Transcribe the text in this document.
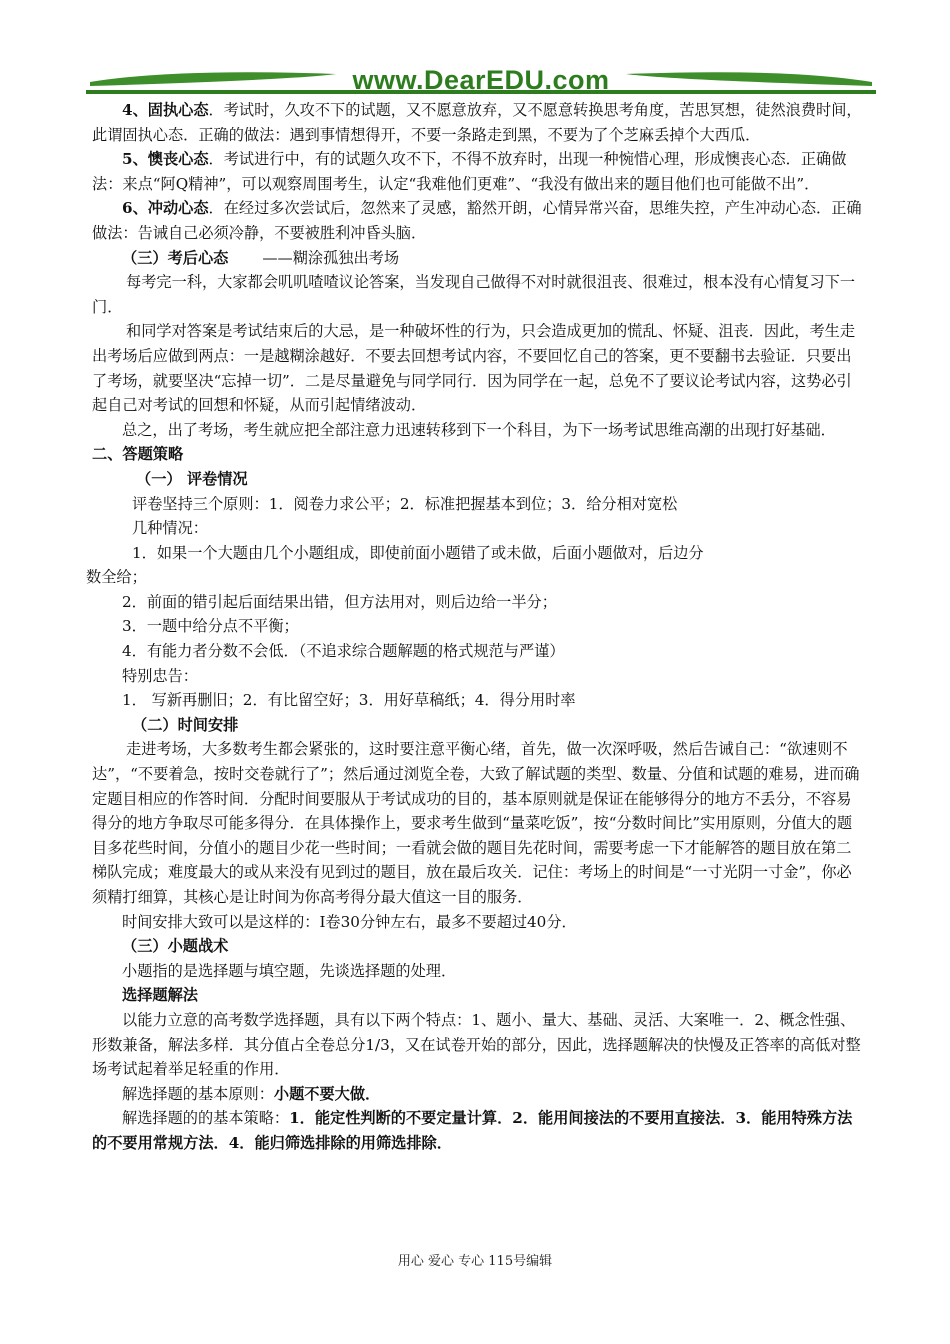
www.DearEDU.com

4、固执心态．考试时，久攻不下的试题，又不愿意放弃，又不愿意转换思考角度，苦思冥想，徒然浪费时间，此谓固执心态．正确的做法：遇到事情想得开，不要一条路走到黑，不要为了个芝麻丢掉个大西瓜．

5、懊丧心态．考试进行中，有的试题久攻不下，不得不放弃时，出现一种惋惜心理，形成懊丧心态．正确做法：来点“阿Q精神”，可以观察周围考生，认定“我难他们更难”、“我没有做出来的题目他们也可能做不出”．

6、冲动心态．在经过多次尝试后，忽然来了灵感，豁然开朗，心情异常兴奋，思维失控，产生冲动心态．正确做法：告诫自己必须冷静，不要被胜利冲昏头脑．

（三）考后心态 ——糊涂孤独出考场

每考完一科，大家都会叽叽喳喳议论答案，当发现自己做得不对时就很沮丧、很难过，根本没有心情复习下一门．

和同学对答案是考试结束后的大忌，是一种破坏性的行为，只会造成更加的慌乱、怀疑、沮丧．因此，考生走出考场后应做到两点：一是越糊涂越好．不要去回想考试内容，不要回忆自己的答案，更不要翻书去验证．只要出了考场，就要坚决“忘掉一切”．二是尽量避免与同学同行．因为同学在一起，总免不了要议论考试内容，这势必引起自己对考试的回想和怀疑，从而引起情绪波动．

总之，出了考场，考生就应把全部注意力迅速转移到下一个科目，为下一场考试思维高潮的出现打好基础．

二、答题策略

（一） 评卷情况

评卷坚持三个原则：1．阅卷力求公平；2．标准把握基本到位；3．给分相对宽松

几种情况：

1．如果一个大题由几个小题组成，即使前面小题错了或未做，后面小题做对，后边分

数全给；

2．前面的错引起后面结果出错，但方法用对，则后边给一半分；

3．一题中给分点不平衡；

4．有能力者分数不会低．（不追求综合题解题的格式规范与严谨）

特别忠告：

1． 写新再删旧；2．有比留空好；3．用好草稿纸；4．得分用时率

（二）时间安排

走进考场，大多数考生都会紧张的，这时要注意平衡心绪，首先，做一次深呼吸，然后告诫自己：“欲速则不达”，“不要着急，按时交卷就行了”；然后通过浏览全卷，大致了解试题的类型、数量、分值和试题的难易，进而确定题目相应的作答时间．分配时间要服从于考试成功的目的，基本原则就是保证在能够得分的地方不丢分，不容易得分的地方争取尽可能多得分．在具体操作上，要求考生做到“量菜吃饭”，按“分数时间比”实用原则，分值大的题目多花些时间，分值小的题目少花一些时间；一看就会做的题目先花时间，需要考虑一下才能解答的题目放在第二梯队完成；难度最大的或从来没有见到过的题目，放在最后攻关．记住：考场上的时间是“一寸光阴一寸金”，你必须精打细算，其核心是让时间为你高考得分最大值这一目的服务．

时间安排大致可以是这样的：Ⅰ卷30分钟左右，最多不要超过40分．

（三）小题战术

小题指的是选择题与填空题，先谈选择题的处理．

选择题解法

以能力立意的高考数学选择题，具有以下两个特点：1、题小、量大、基础、灵活、大案唯一．2、概念性强、形数兼备，解法多样．其分值占全卷总分1/3，又在试卷开始的部分，因此，选择题解决的快慢及正答率的高低对整场考试起着举足轻重的作用．

解选择题的基本原则：小题不要大做．

解选择题的的基本策略：1．能定性判断的不要定量计算．2．能用间接法的不要用直接法．3．能用特殊方法的不要用常规方法．4．能归筛选排除的用筛选排除．

用心 爱心 专心 115号编辑
